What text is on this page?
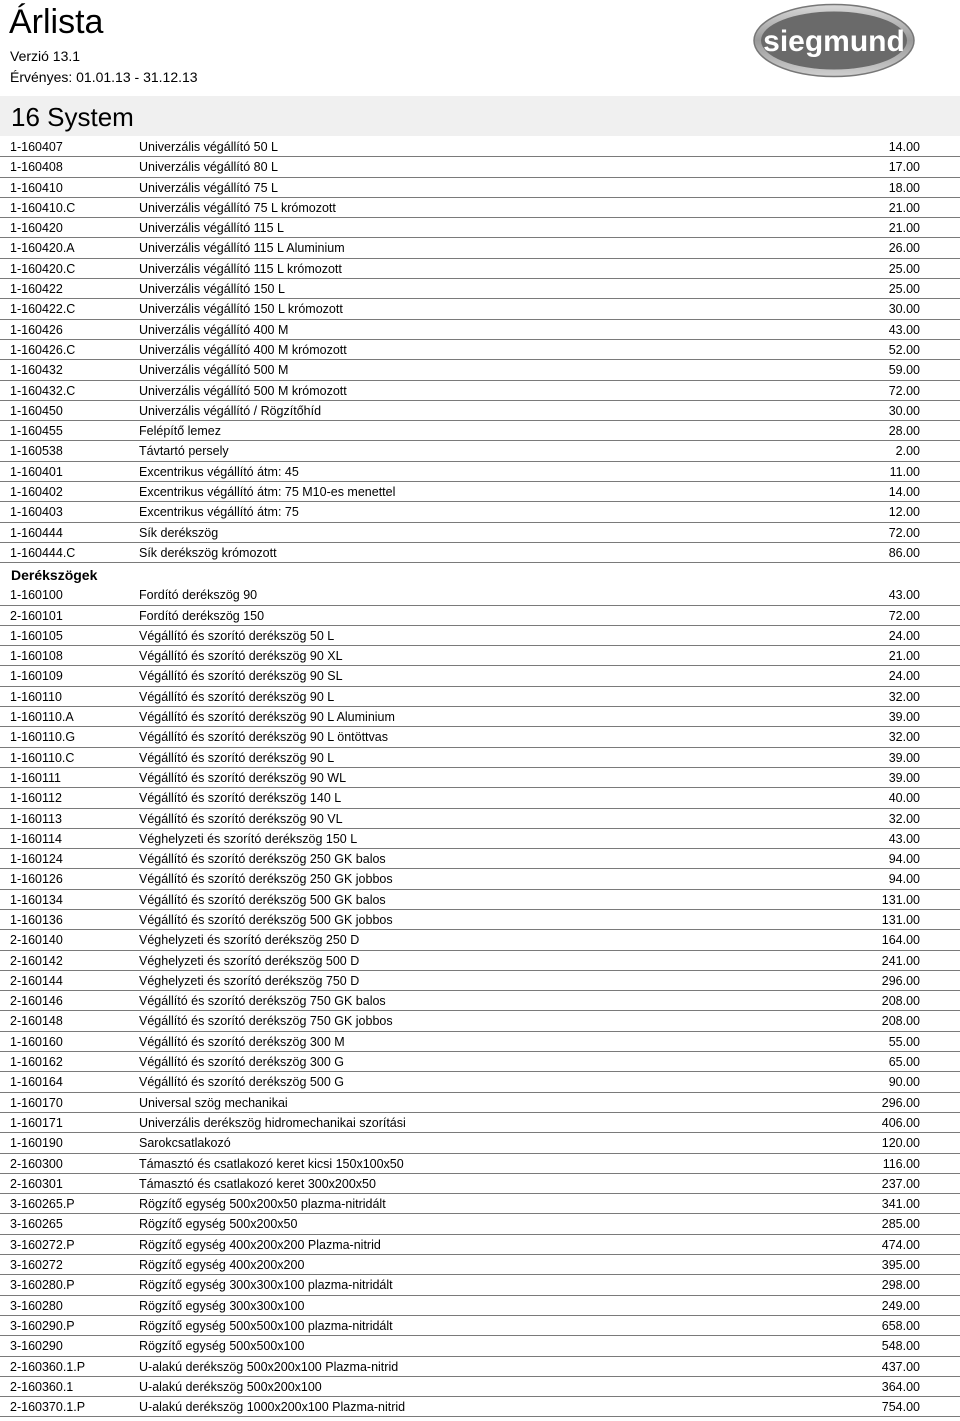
Árlista
Verzió 13.1
Érvényes: 01.01.13 - 31.12.13
siegmund
16 System
1-160407	Univerzális végállító 50 L	14.00
1-160408	Univerzális végállító 80 L	17.00
1-160410	Univerzális végállító 75 L	18.00
1-160410.C	Univerzális végállító 75 L krómozott	21.00
1-160420	Univerzális végállító 115 L	21.00
1-160420.A	Univerzális végállító 115 L Aluminium	26.00
1-160420.C	Univerzális végállító 115 L krómozott	25.00
1-160422	Univerzális végállító 150 L	25.00
1-160422.C	Univerzális végállító 150 L krómozott	30.00
1-160426	Univerzális végállító 400 M	43.00
1-160426.C	Univerzális végállító 400 M krómozott	52.00
1-160432	Univerzális végállító 500 M	59.00
1-160432.C	Univerzális végállító 500 M krómozott	72.00
1-160450	Univerzális végállító / Rögzítőhíd	30.00
1-160455	Felépítő lemez	28.00
1-160538	Távtartó persely	2.00
1-160401	Excentrikus végállító átm: 45	11.00
1-160402	Excentrikus végállító átm: 75 M10-es menettel	14.00
1-160403	Excentrikus végállító átm: 75	12.00
1-160444	Sík derékszög	72.00
1-160444.C	Sík derékszög krómozott	86.00
Derékszögek
1-160100	Fordító derékszög 90	43.00
2-160101	Fordító derékszög 150	72.00
1-160105	Végállító és szorító derékszög 50 L	24.00
1-160108	Végállító és szorító derékszög 90 XL	21.00
1-160109	Végállító és szorító derékszög 90 SL	24.00
1-160110	Végállító és szorító derékszög 90 L	32.00
1-160110.A	Végállító és szorító derékszög 90 L Aluminium	39.00
1-160110.G	Végállító és szorító derékszög 90 L öntöttvas	32.00
1-160110.C	Végállító és szorító derékszög 90 L	39.00
1-160111	Végállító és szorító derékszög 90 WL	39.00
1-160112	Végállító és szorító derékszög 140 L	40.00
1-160113	Végállító és szorító derékszög 90 VL	32.00
1-160114	Véghelyzeti és szorító derékszög 150 L	43.00
1-160124	Végállító és szorító derékszög 250 GK balos	94.00
1-160126	Végállító és szorító derékszög 250 GK jobbos	94.00
1-160134	Végállító és szorító derékszög 500 GK balos	131.00
1-160136	Végállító és szorító derékszög 500 GK jobbos	131.00
2-160140	Véghelyzeti és szorító derékszög 250 D	164.00
2-160142	Véghelyzeti és szorító derékszög 500 D	241.00
2-160144	Véghelyzeti és szorító derékszög 750 D	296.00
2-160146	Végállító és szorító derékszög 750 GK balos	208.00
2-160148	Végállító és szorító derékszög 750 GK jobbos	208.00
1-160160	Végállító és szorító derékszög 300 M	55.00
1-160162	Végállító és szorító derékszög 300 G	65.00
1-160164	Végállító és szorító derékszög 500 G	90.00
1-160170	Universal szög mechanikai	296.00
1-160171	Univerzális derékszög hidromechanikai szorítási	406.00
1-160190	Sarokcsatlakozó	120.00
2-160300	Támasztó és csatlakozó keret kicsi 150x100x50	116.00
2-160301	Támasztó és csatlakozó keret 300x200x50	237.00
3-160265.P	Rögzítő egység 500x200x50 plazma-nitridált	341.00
3-160265	Rögzítő egység 500x200x50	285.00
3-160272.P	Rögzítő egység 400x200x200 Plazma-nitrid	474.00
3-160272	Rögzítő egység 400x200x200	395.00
3-160280.P	Rögzítő egység 300x300x100 plazma-nitridált	298.00
3-160280	Rögzítő egység 300x300x100	249.00
3-160290.P	Rögzítő egység 500x500x100 plazma-nitridált	658.00
3-160290	Rögzítő egység 500x500x100	548.00
2-160360.1.P	U-alakú derékszög 500x200x100 Plazma-nitrid	437.00
2-160360.1	U-alakú derékszög 500x200x100	364.00
2-160370.1.P	U-alakú derékszög 1000x200x100 Plazma-nitrid	754.00
